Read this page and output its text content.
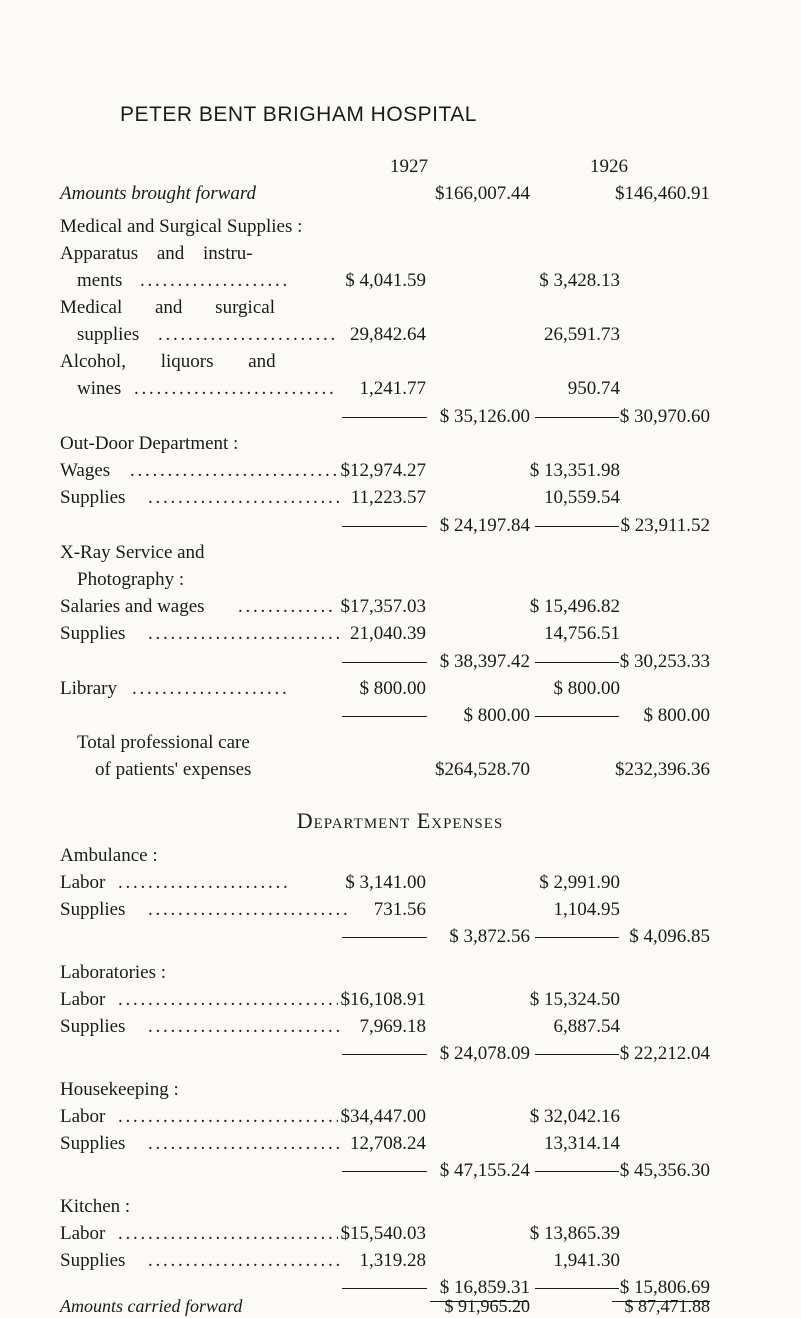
PETER BENT BRIGHAM HOSPITAL
1927	1926
Amounts brought forward	$166,007.44	$146,460.91
Medical and Surgical Supplies :
Apparatus and instru-
ments . . .	$ 4,041.59	$ 3,428.13
Medical and surgical
supplies . . .	29,842.64	26,591.73
Alcohol, liquors and
wines . . .	1,241.77	950.74
$ 35,126.00	$ 30,970.60
Out-Door Department :
Wages . . .	$12,974.27	$ 13,351.98
Supplies . . .	11,223.57	10,559.54
$ 24,197.84	$ 23,911.52
X-Ray Service and
Photography :
Salaries and wages . . .	$17,357.03	$ 15,496.82
Supplies . . .	21,040.39	14,756.51
$ 38,397.42	$ 30,253.33
Library . . .	$ 800.00	$ 800.00
$ 800.00	$ 800.00
Total professional care
of patients' expenses	$264,528.70	$232,396.36
Department Expenses
Ambulance :
Labor . . .	$ 3,141.00	$ 2,991.90
Supplies . . .	731.56	1,104.95
$ 3,872.56	$ 4,096.85
Laboratories :
Labor . . .	$16,108.91	$ 15,324.50
Supplies . . .	7,969.18	6,887.54
$ 24,078.09	$ 22,212.04
Housekeeping :
Labor . . .	$34,447.00	$ 32,042.16
Supplies . . .	12,708.24	13,314.14
$ 47,155.24	$ 45,356.30
Kitchen :
Labor . . .	$15,540.03	$ 13,865.39
Supplies . . .	1,319.28	1,941.30
$ 16,859.31	$ 15,806.69
Amounts carried forward	$ 91,965.20	$ 87,471.88
